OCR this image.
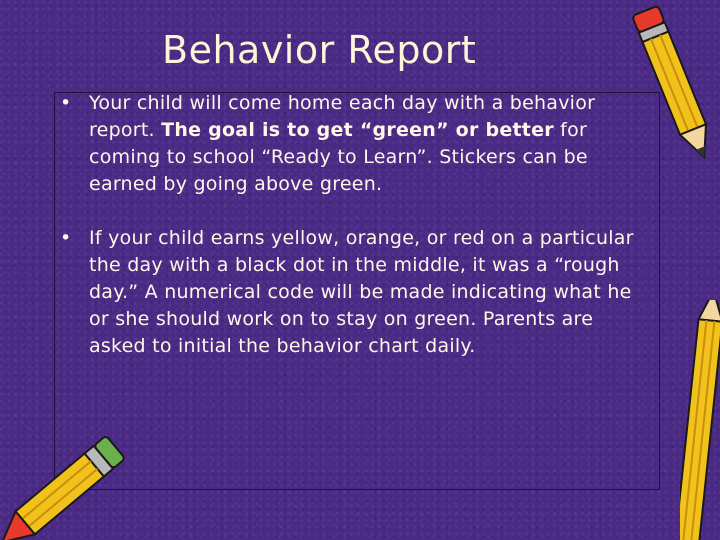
Behavior Report
• Your child will come home each day with a behavior report. The goal is to get “green” or better for coming to school “Ready to Learn”. Stickers can be earned by going above green.
• If your child earns yellow, orange, or red on a particular the day with a black dot in the middle, it was a “rough day.” A numerical code will be made indicating what he or she should work on to stay on green. Parents are asked to initial the behavior chart daily.
